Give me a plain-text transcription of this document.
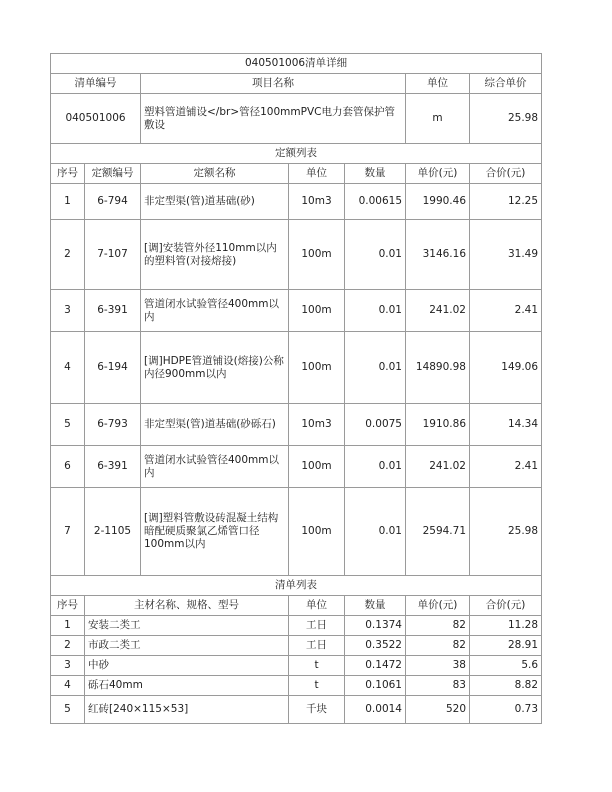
040501006清单详细						
清单编号		项目名称			单位	综合单价
040501006		塑料管道铺设</br>管径100mmPVC电力套管保护管敷设			m	25.98
定额列表						
序号	定额编号	定额名称	单位	数量	单价(元)	合价(元)
1	6-794	非定型渠(管)道基础(砂)	10m3	0.00615	1990.46	12.25
2	7-107	[调]安装管外径110mm以内的塑料管(对接熔接)	100m	0.01	3146.16	31.49
3	6-391	管道闭水试验管径400mm以内	100m	0.01	241.02	2.41
4	6-194	[调]HDPE管道铺设(熔接)公称内径900mm以内	100m	0.01	14890.98	149.06
5	6-793	非定型渠(管)道基础(砂砾石)	10m3	0.0075	1910.86	14.34
6	6-391	管道闭水试验管径400mm以内	100m	0.01	241.02	2.41
7	2-1105	[调]塑料管敷设砖混凝土结构暗配硬质聚氯乙烯管口径100mm以内	100m	0.01	2594.71	25.98
清单列表						
序号	主材名称、规格、型号		单位	数量	单价(元)	合价(元)
1	安装二类工		工日	0.1374	82	11.28
2	市政二类工		工日	0.3522	82	28.91
3	中砂		t	0.1472	38	5.6
4	砾石40mm		t	0.1061	83	8.82
5	红砖[240×115×53]		千块	0.0014	520	0.73
